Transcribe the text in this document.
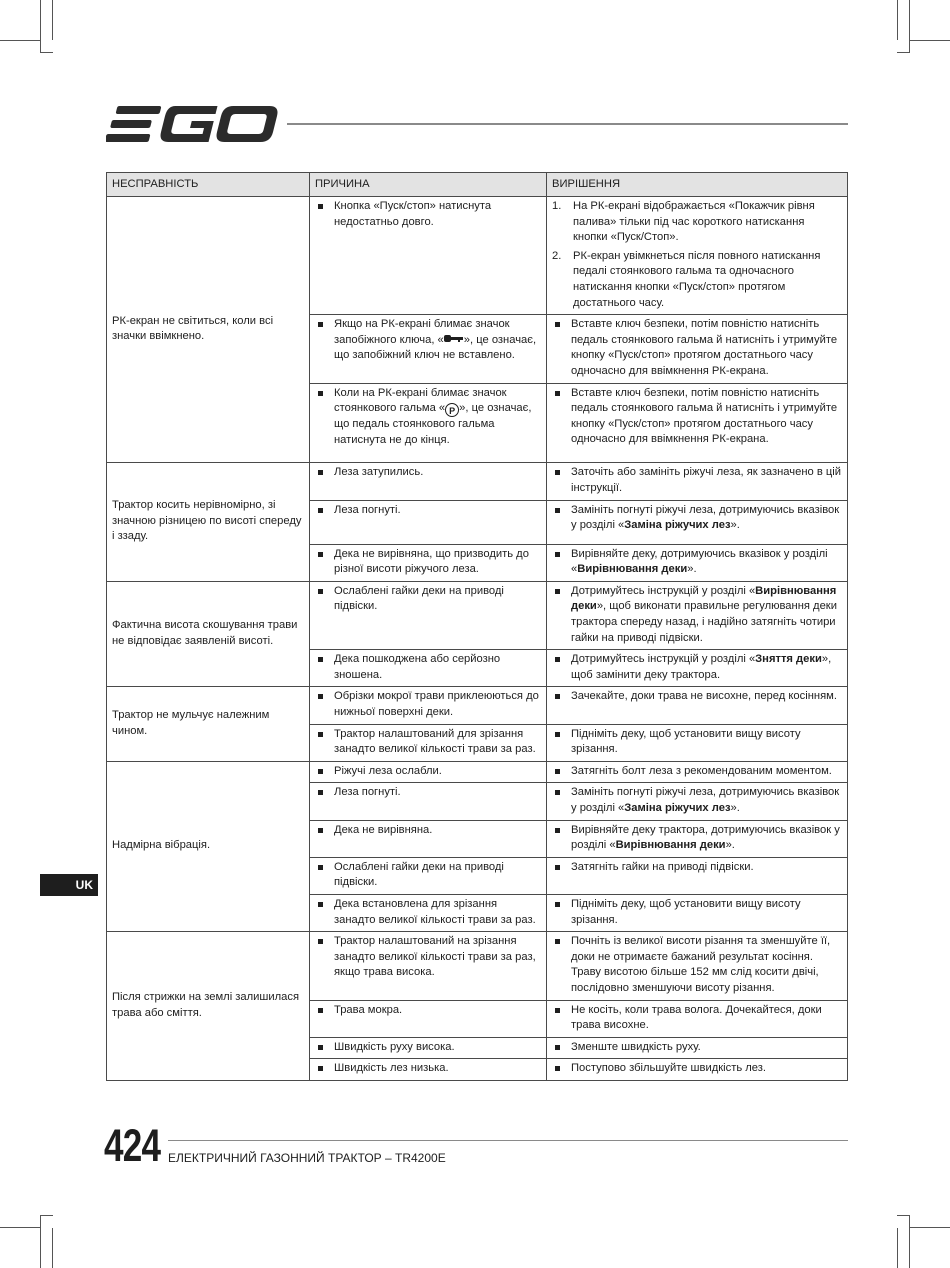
НЕСПРАВНІСТЬ	ПРИЧИНА	ВИРІШЕННЯ
РК-екран не світиться, коли всі значки ввімкнено.	Кнопка «Пуск/стоп» натиснута недостатньо довго.	1. На РК-екрані відображається «Покажчик рівня палива» тільки під час короткого натискання кнопки «Пуск/Стоп».
2. РК-екран увімкнеться після повного натискання педалі стоянкового гальма та одночасного натискання кнопки «Пуск/стоп» протягом достатнього часу.

	Якщо на РК-екрані блимає значок запобіжного ключа, « », це означає, що запобіжний ключ не вставлено.	Вставте ключ безпеки, потім повністю натисніть педаль стоянкового гальма й натисніть і утримуйте кнопку «Пуск/стоп» протягом достатнього часу одночасно для ввімкнення РК-екрана.

	Коли на РК-екрані блимає значок стоянкового гальма « P », це означає, що педаль стоянкового гальма натиснута не до кінця.	Вставте ключ безпеки, потім повністю натисніть педаль стоянкового гальма й натисніть і утримуйте кнопку «Пуск/стоп» протягом достатнього часу одночасно для ввімкнення РК-екрана.

Трактор косить нерівномірно, зі значною різницею по висоті спереду і ззаду.	Леза затупились.	Заточіть або замініть ріжучі леза, як зазначено в цій інструкції.

	Леза погнуті.	Замініть погнуті ріжучі леза, дотримуючись вказівок у розділі «Заміна ріжучих лез».

	Дека не вирівняна, що призводить до різної висоти ріжучого леза.	Вирівняйте деку, дотримуючись вказівок у розділі «Вирівнювання деки».

Фактична висота скошування трави не відповідає заявленій висоті.	Ослаблені гайки деки на приводі підвіски.	Дотримуйтесь інструкцій у розділі «Вирівнювання деки», щоб виконати правильне регулювання деки трактора спереду назад, і надійно затягніть чотири гайки на приводі підвіски.

	Дека пошкоджена або серйозно зношена.	Дотримуйтесь інструкцій у розділі «Зняття деки», щоб замінити деку трактора.

Трактор не мульчує належним чином.	Обрізки мокрої трави приклеюються до нижньої поверхні деки.	Зачекайте, доки трава не висохне, перед косінням.

	Трактор налаштований для зрізання занадто великої кількості трави за раз.	Підніміть деку, щоб установити вищу висоту зрізання.

Надмірна вібрація.	Ріжучі леза ослабли.	Затягніть болт леза з рекомендованим моментом.

	Леза погнуті.	Замініть погнуті ріжучі леза, дотримуючись вказівок у розділі «Заміна ріжучих лез».

	Дека не вирівняна.	Вирівняйте деку трактора, дотримуючись вказівок у розділі «Вирівнювання деки».

	Ослаблені гайки деки на приводі підвіски.	Затягніть гайки на приводі підвіски.

	Дека встановлена для зрізання занадто великої кількості трави за раз.	Підніміть деку, щоб установити вищу висоту зрізання.

Після стрижки на землі залишилася трава або сміття.	Трактор налаштований на зрізання занадто великої кількості трави за раз, якщо трава висока.	Почніть із великої висоти різання та зменшуйте її, доки не отримаєте бажаний результат косіння. Траву висотою більше 152 мм слід косити двічі, послідовно зменшуючи висоту різання.

	Трава мокра.	Не косіть, коли трава волога. Дочекайтеся, доки трава висохне.

	Швидкість руху висока.	Зменште швидкість руху.

	Швидкість лез низька.	Поступово збільшуйте швидкість лез.
UK
424 ЕЛЕКТРИЧНИЙ ГАЗОННИЙ ТРАКТОР – TR4200E
